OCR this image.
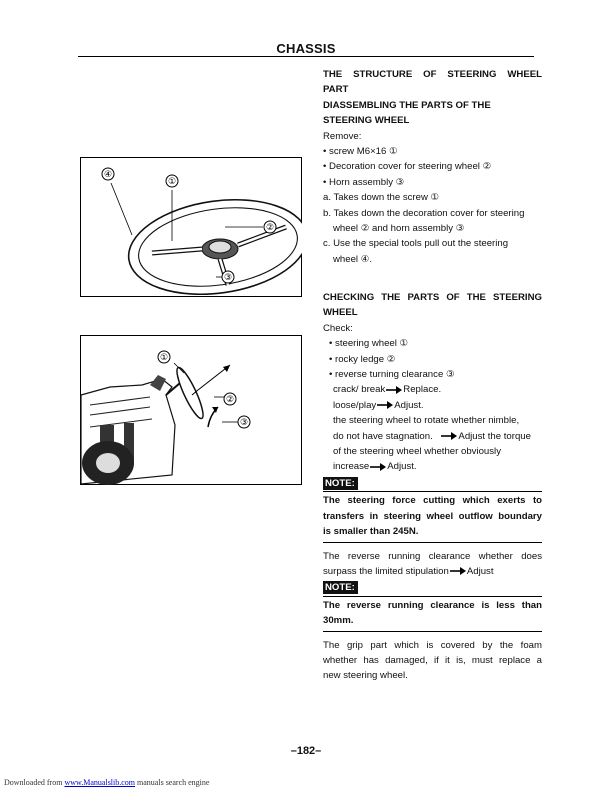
CHASSIS
④
①
②
③
①
②
③

THE STRUCTURE OF STEERING WHEEL

PART

DIASSEMBLING THE PARTS OF THE

STEERING WHEEL

Remove:

• screw M6×16 ①

• Decoration cover for steering wheel ②

• Horn assembly ③

a. Takes down the screw ①

b. Takes down the decoration cover for steering

wheel ② and horn assembly ③

c. Use the special tools pull out the steering

wheel ④.

CHECKING THE PARTS OF THE STEERING

WHEEL

Check:

• steering wheel ①

• rocky ledge ②

• reverse turning clearance ③

crack/ break Replace.

loose/play Adjust.

the steering wheel to rotate whether nimble,

do not have stagnation.	Adjust the torque

of the steering wheel whether obviously

increase Adjust.

NOTE:

The steering force cutting which exerts to

transfers in steering wheel outflow boundary

is smaller than 245N.

The reverse running clearance whether does

surpass the limited stipulation Adjust

NOTE:

The reverse running clearance is less than

30mm.

The grip part which is covered by the foam

whether has damaged, if it is, must replace a

new steering wheel.

–182–
Downloaded from www.Manualslib.com manuals search engine
